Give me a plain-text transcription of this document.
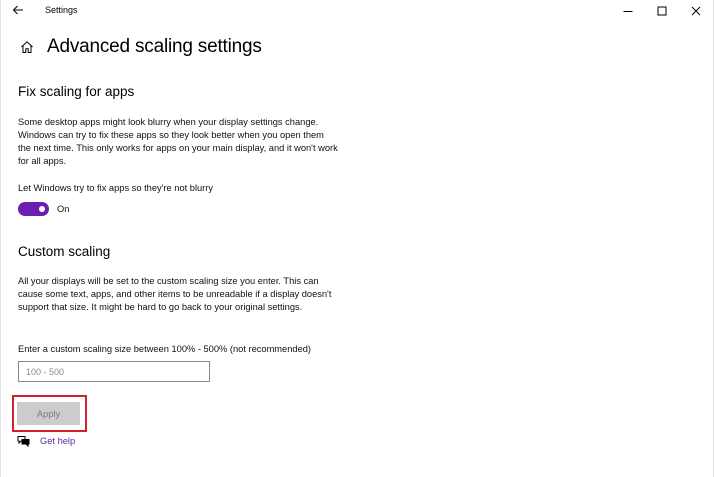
Settings
Advanced scaling settings
Fix scaling for apps
Some desktop apps might look blurry when your display settings change. Windows can try to fix these apps so they look better when you open them the next time. This only works for apps on your main display, and it won't work for all apps.
Let Windows try to fix apps so they're not blurry
On
Custom scaling
All your displays will be set to the custom scaling size you enter. This can cause some text, apps, and other items to be unreadable if a display doesn't support that size. It might be hard to go back to your original settings.
Enter a custom scaling size between 100% - 500% (not recommended)
100 - 500
Apply
Get help
